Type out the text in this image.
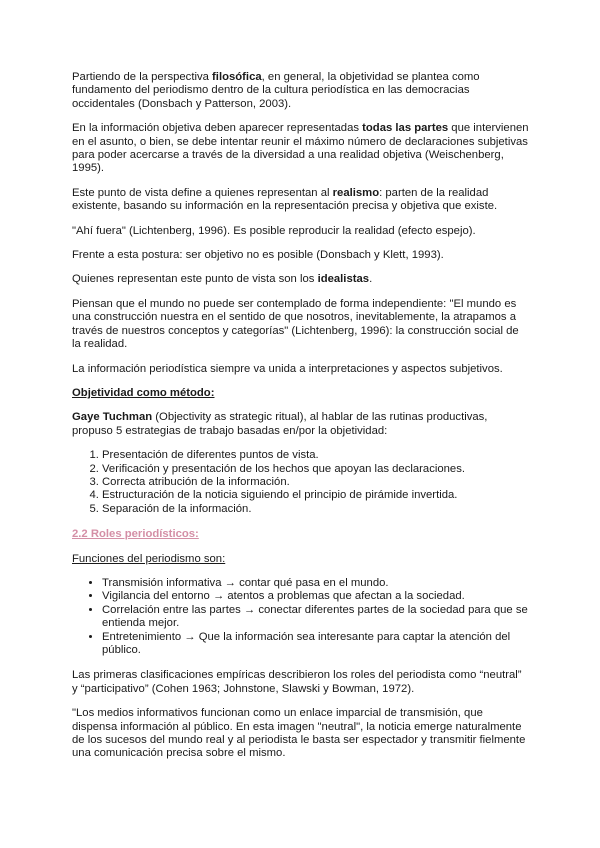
Partiendo de la perspectiva filosófica, en general, la objetividad se plantea como fundamento del periodismo dentro de la cultura periodística en las democracias occidentales (Donsbach y Patterson, 2003).

En la información objetiva deben aparecer representadas todas las partes que intervienen en el asunto, o bien, se debe intentar reunir el máximo número de declaraciones subjetivas para poder acercarse a través de la diversidad a una realidad objetiva (Weischenberg, 1995).

Este punto de vista define a quienes representan al realismo: parten de la realidad existente, basando su información en la representación precisa y objetiva que existe.

"Ahí fuera" (Lichtenberg, 1996). Es posible reproducir la realidad (efecto espejo).

Frente a esta postura: ser objetivo no es posible (Donsbach y Klett, 1993).

Quienes representan este punto de vista son los idealistas.

Piensan que el mundo no puede ser contemplado de forma independiente: "El mundo es una construcción nuestra en el sentido de que nosotros, inevitablemente, la atrapamos a través de nuestros conceptos y categorías" (Lichtenberg, 1996): la construcción social de la realidad.

La información periodística siempre va unida a interpretaciones y aspectos subjetivos.

Objetividad como método:

Gaye Tuchman (Objectivity as strategic ritual), al hablar de las rutinas productivas, propuso 5 estrategias de trabajo basadas en/por la objetividad:

1. Presentación de diferentes puntos de vista.
2. Verificación y presentación de los hechos que apoyan las declaraciones.
3. Correcta atribución de la información.
4. Estructuración de la noticia siguiendo el principio de pirámide invertida.
5. Separación de la información.

2.2 Roles periodísticos:

Funciones del periodismo son:

• Transmisión informativa → contar qué pasa en el mundo.
• Vigilancia del entorno → atentos a problemas que afectan a la sociedad.
• Correlación entre las partes → conectar diferentes partes de la sociedad para que se entienda mejor.
• Entretenimiento → Que la información sea interesante para captar la atención del público.

Las primeras clasificaciones empíricas describieron los roles del periodista como “neutral” y “participativo” (Cohen 1963; Johnstone, Slawski y Bowman, 1972).

"Los medios informativos funcionan como un enlace imparcial de transmisión, que dispensa información al público. En esta imagen "neutral", la noticia emerge naturalmente de los sucesos del mundo real y al periodista le basta ser espectador y transmitir fielmente una comunicación precisa sobre el mismo.
